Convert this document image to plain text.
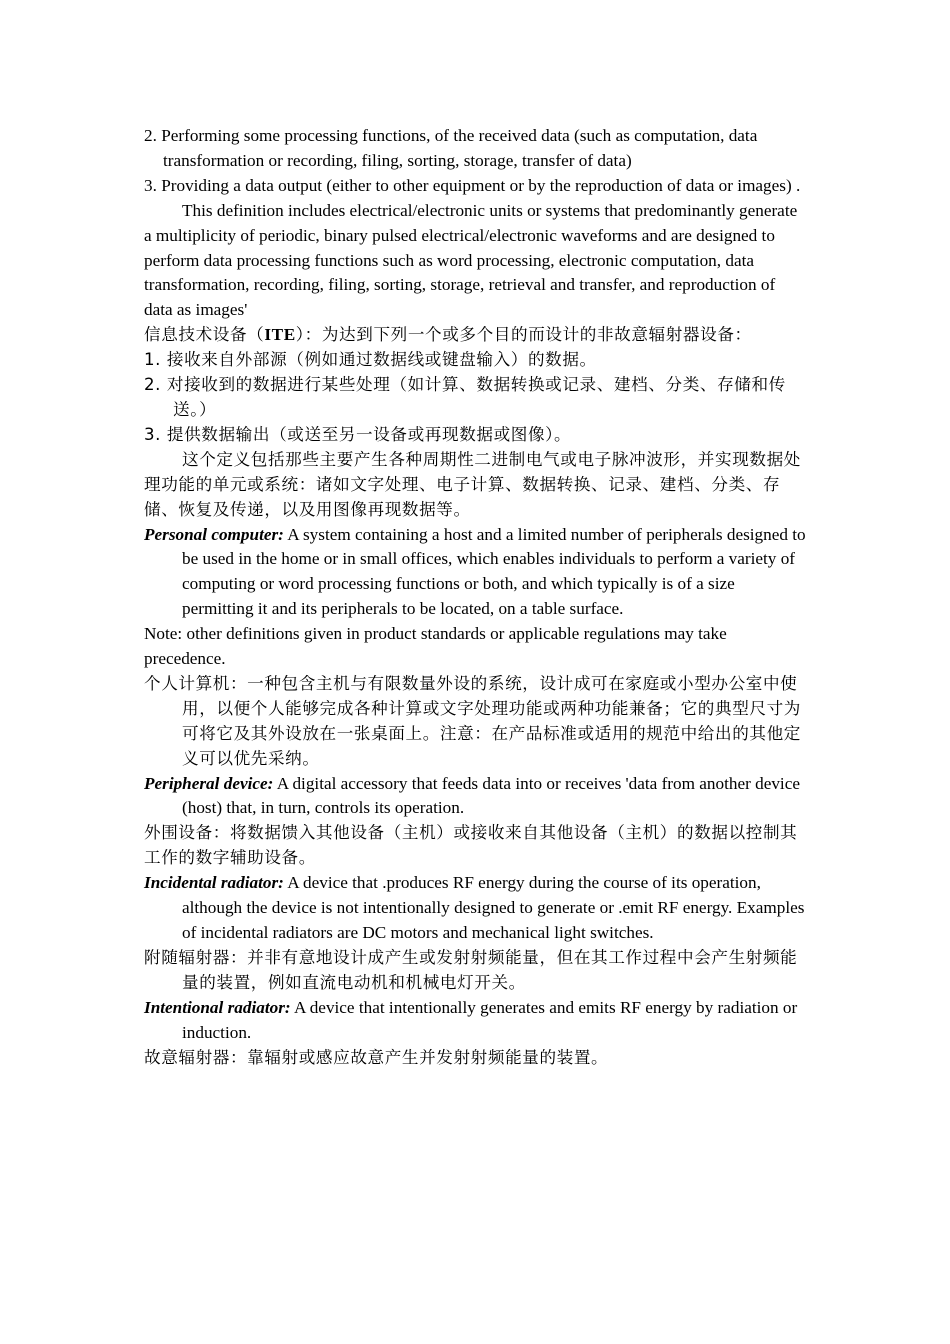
2. Performing some processing functions, of the received data (such as computation, data transformation or recording, filing, sorting, storage, transfer of data)

3. Providing a data output (either to other equipment or by the reproduction of data or images) .

This definition includes electrical/electronic units or systems that predominantly generate a multiplicity of periodic, binary pulsed electrical/electronic waveforms and are designed to perform data processing functions such as word processing, electronic computation, data transformation, recording, filing, sorting, storage, retrieval and transfer, and reproduction of data as images'

信息技术设备（ITE）：为达到下列一个或多个目的而设计的非故意辐射器设备：

1. 接收来自外部源（例如通过数据线或键盘输入）的数据。

2. 对接收到的数据进行某些处理（如计算、数据转换或记录、建档、分类、存储和传送。）

3. 提供数据输出（或送至另一设备或再现数据或图像）。

这个定义包括那些主要产生各种周期性二进制电气或电子脉冲波形，并实现数据处理功能的单元或系统：诸如文字处理、电子计算、数据转换、记录、建档、分类、存储、恢复及传递，以及用图像再现数据等。

Personal computer: A system containing a host and a limited number of peripherals designed to be used in the home or in small offices, which enables individuals to perform a variety of computing or word processing functions or both, and which typically is of a size permitting it and its peripherals to be located, on a table surface.

Note: other definitions given in product standards or applicable regulations may take precedence.

个人计算机：一种包含主机与有限数量外设的系统，设计成可在家庭或小型办公室中使用，以便个人能够完成各种计算或文字处理功能或两种功能兼备；它的典型尺寸为可将它及其外设放在一张桌面上。注意：在产品标准或适用的规范中给出的其他定义可以优先采纳。

Peripheral device: A digital accessory that feeds data into or receives 'data from another device (host) that, in turn, controls its operation.

外围设备：将数据馈入其他设备（主机）或接收来自其他设备（主机）的数据以控制其工作的数字辅助设备。

Incidental radiator: A device that .produces RF energy during the course of its operation, although the device is not intentionally designed to generate or .emit RF energy. Examples of incidental radiators are DC motors and mechanical light switches.

附随辐射器：并非有意地设计成产生或发射射频能量，但在其工作过程中会产生射频能量的装置，例如直流电动机和机械电灯开关。

Intentional radiator: A device that intentionally generates and emits RF energy by radiation or induction.

故意辐射器：靠辐射或感应故意产生并发射射频能量的装置。
